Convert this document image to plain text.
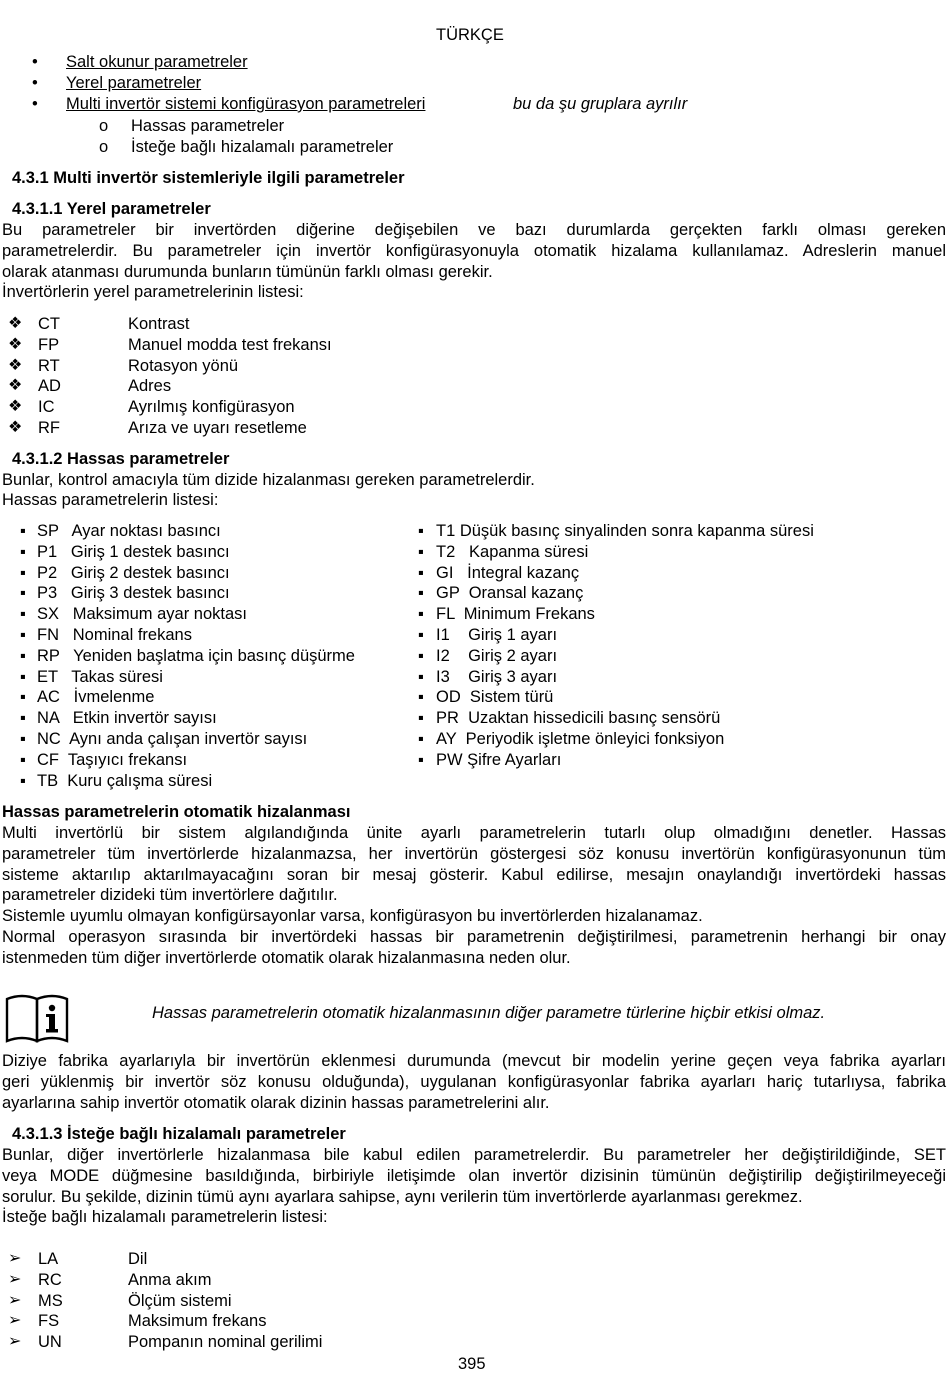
TÜRKÇE
• Salt okunur parametreler
• Yerel parametreler
• Multi invertör sistemi konfigürasyon parametreleri	bu da şu gruplara ayrılır
o Hassas parametreler
o İsteğe bağlı hizalamalı parametreler
4.3.1 Multi invertör sistemleriyle ilgili parametreler
4.3.1.1 Yerel parametreler
Bu parametreler bir invertörden diğerine değişebilen ve bazı durumlarda gerçekten farklı olması gereken
parametrelerdir. Bu parametreler için invertör konfigürasyonuyla otomatik hizalama kullanılamaz. Adreslerin manuel
olarak atanması durumunda bunların tümünün farklı olması gerekir.
İnvertörlerin yerel parametrelerinin listesi:
❖ CT	Kontrast
❖ FP	Manuel modda test frekansı
❖ RT	Rotasyon yönü
❖ AD	Adres
❖ IC	Ayrılmış konfigürasyon
❖ RF	Arıza ve uyarı resetleme
4.3.1.2 Hassas parametreler
Bunlar, kontrol amacıyla tüm dizide hizalanması gereken parametrelerdir.
Hassas parametrelerin listesi:
▪ SP   Ayar noktası basıncı
▪ P1   Giriş 1 destek basıncı
▪ P2   Giriş 2 destek basıncı
▪ P3   Giriş 3 destek basıncı
▪ SX   Maksimum ayar noktası
▪ FN   Nominal frekans
▪ RP   Yeniden başlatma için basınç düşürme
▪ ET   Takas süresi
▪ AC   İvmelenme
▪ NA   Etkin invertör sayısı
▪ NC  Aynı anda çalışan invertör sayısı
▪ CF  Taşıyıcı frekansı
▪ TB  Kuru çalışma süresi
▪ T1 Düşük basınç sinyalinden sonra kapanma süresi
▪ T2   Kapanma süresi
▪ GI   İntegral kazanç
▪ GP  Oransal kazanç
▪ FL  Minimum Frekans
▪ I1    Giriş 1 ayarı
▪ I2    Giriş 2 ayarı
▪ I3    Giriş 3 ayarı
▪ OD  Sistem türü
▪ PR  Uzaktan hissedicili basınç sensörü
▪ AY  Periyodik işletme önleyici fonksiyon
▪ PW Şifre Ayarları
Hassas parametrelerin otomatik hizalanması
Multi invertörlü bir sistem algılandığında ünite ayarlı parametrelerin tutarlı olup olmadığını denetler. Hassas
parametreler tüm invertörlerde hizalanmazsa, her invertörün göstergesi söz konusu invertörün konfigürasyonunun tüm
sisteme aktarılıp aktarılmayacağını soran bir mesaj gösterir. Kabul edilirse, mesajın onaylandığı invertördeki hassas
parametreler dizideki tüm invertörlere dağıtılır.
Sistemle uyumlu olmayan konfigürsayonlar varsa, konfigürasyon bu invertörlerden hizalanamaz.
Normal operasyon sırasında bir invertördeki hassas bir parametrenin değiştirilmesi, parametrenin herhangi bir onay
istenmeden tüm diğer invertörlerde otomatik olarak hizalanmasına neden olur.
Hassas parametrelerin otomatik hizalanmasının diğer parametre türlerine hiçbir etkisi olmaz.
Diziye fabrika ayarlarıyla bir invertörün eklenmesi durumunda (mevcut bir modelin yerine geçen veya fabrika ayarları
geri yüklenmiş bir invertör söz konusu olduğunda), uygulanan konfigürasyonlar fabrika ayarları hariç tutarlıysa, fabrika
ayarlarına sahip invertör otomatik olarak dizinin hassas parametrelerini alır.
4.3.1.3 İsteğe bağlı hizalamalı parametreler
Bunlar, diğer invertörlerle hizalanmasa bile kabul edilen parametrelerdir. Bu parametreler her değiştirildiğinde, SET
veya MODE düğmesine basıldığında, birbiriyle iletişimde olan invertör dizisinin tümünün değiştirilip değiştirilmeyeceği
sorulur. Bu şekilde, dizinin tümü aynı ayarlara sahipse, aynı verilerin tüm invertörlerde ayarlanması gerekmez.
İsteğe bağlı hizalamalı parametrelerin listesi:
➢ LA	Dil
➢ RC	Anma akım
➢ MS	Ölçüm sistemi
➢ FS	Maksimum frekans
➢ UN	Pompanın nominal gerilimi
395
